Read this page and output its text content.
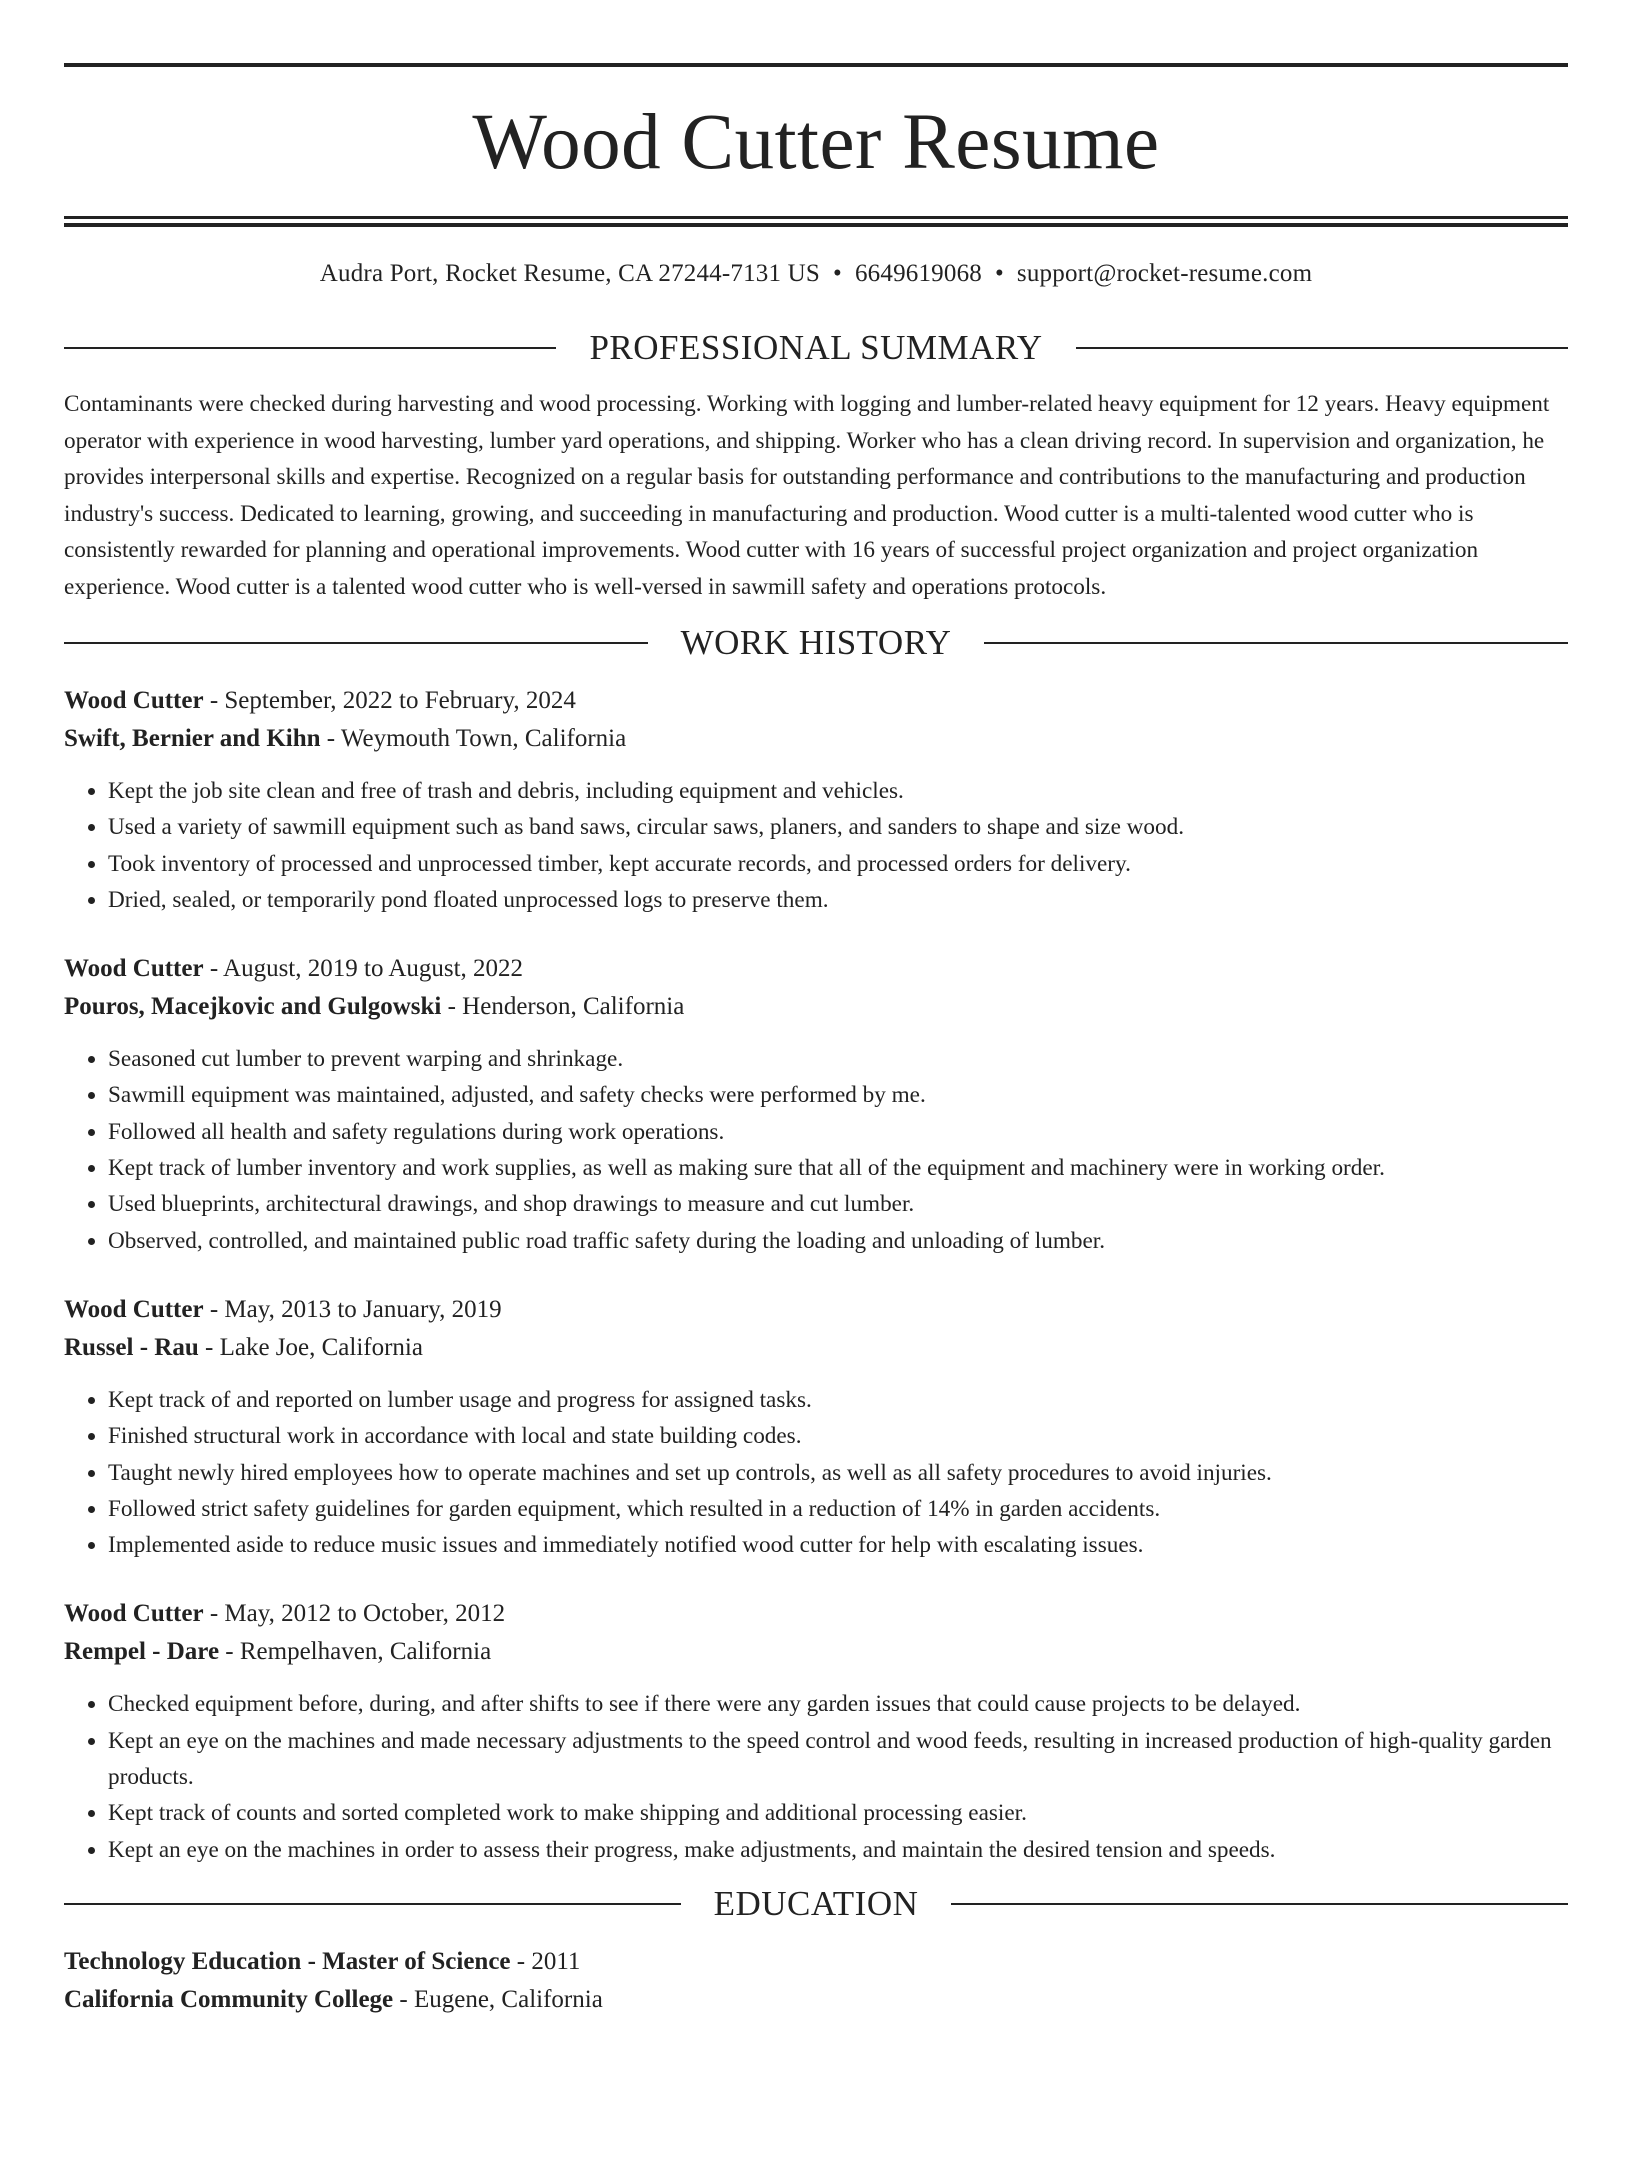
Wood Cutter Resume
Audra Port, Rocket Resume, CA 27244-7131 US • 6649619068 • support@rocket-resume.com
PROFESSIONAL SUMMARY

Contaminants were checked during harvesting and wood processing. Working with logging and lumber-related heavy equipment for 12 years. Heavy equipment operator with experience in wood harvesting, lumber yard operations, and shipping. Worker who has a clean driving record. In supervision and organization, he provides interpersonal skills and expertise. Recognized on a regular basis for outstanding performance and contributions to the manufacturing and production industry's success. Dedicated to learning, growing, and succeeding in manufacturing and production. Wood cutter is a multi-talented wood cutter who is consistently rewarded for planning and operational improvements. Wood cutter with 16 years of successful project organization and project organization experience. Wood cutter is a talented wood cutter who is well-versed in sawmill safety and operations protocols.

WORK HISTORY
Wood Cutter - September, 2022 to February, 2024
Swift, Bernier and Kihn - Weymouth Town, California
• Kept the job site clean and free of trash and debris, including equipment and vehicles.
• Used a variety of sawmill equipment such as band saws, circular saws, planers, and sanders to shape and size wood.
• Took inventory of processed and unprocessed timber, kept accurate records, and processed orders for delivery.
• Dried, sealed, or temporarily pond floated unprocessed logs to preserve them.
Wood Cutter - August, 2019 to August, 2022
Pouros, Macejkovic and Gulgowski - Henderson, California
• Seasoned cut lumber to prevent warping and shrinkage.
• Sawmill equipment was maintained, adjusted, and safety checks were performed by me.
• Followed all health and safety regulations during work operations.
• Kept track of lumber inventory and work supplies, as well as making sure that all of the equipment and machinery were in working order.
• Used blueprints, architectural drawings, and shop drawings to measure and cut lumber.
• Observed, controlled, and maintained public road traffic safety during the loading and unloading of lumber.
Wood Cutter - May, 2013 to January, 2019
Russel - Rau - Lake Joe, California
• Kept track of and reported on lumber usage and progress for assigned tasks.
• Finished structural work in accordance with local and state building codes.
• Taught newly hired employees how to operate machines and set up controls, as well as all safety procedures to avoid injuries.
• Followed strict safety guidelines for garden equipment, which resulted in a reduction of 14% in garden accidents.
• Implemented aside to reduce music issues and immediately notified wood cutter for help with escalating issues.
Wood Cutter - May, 2012 to October, 2012
Rempel - Dare - Rempelhaven, California
• Checked equipment before, during, and after shifts to see if there were any garden issues that could cause projects to be delayed.
• Kept an eye on the machines and made necessary adjustments to the speed control and wood feeds, resulting in increased production of high-quality garden products.
• Kept track of counts and sorted completed work to make shipping and additional processing easier.
• Kept an eye on the machines in order to assess their progress, make adjustments, and maintain the desired tension and speeds.
EDUCATION
Technology Education - Master of Science - 2011
California Community College - Eugene, California
